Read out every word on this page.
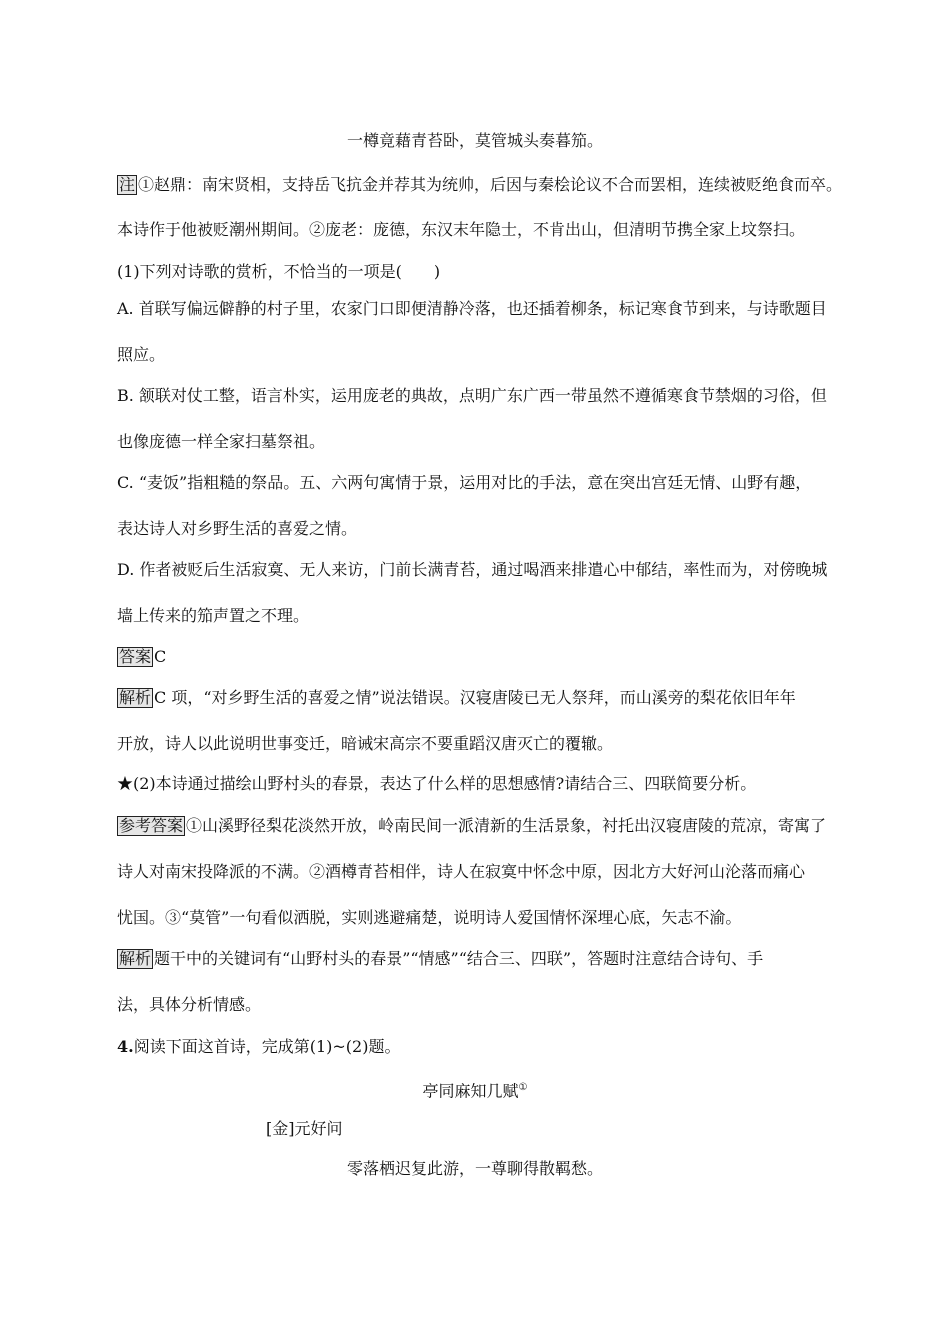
一樽竟藉青苔卧，莫管城头奏暮笳。
注 ①赵鼎：南宋贤相，支持岳飞抗金并荐其为统帅，后因与秦桧论议不合而罢相，连续被贬绝食而卒。
本诗作于他被贬潮州期间。②庞老：庞德，东汉末年隐士，不肯出山，但清明节携全家上坟祭扫。
(1)下列对诗歌的赏析，不恰当的一项是(　　)
A. 首联写偏远僻静的村子里，农家门口即便清静冷落，也还插着柳条，标记寒食节到来，与诗歌题目
照应。
B. 颔联对仗工整，语言朴实，运用庞老的典故，点明广东广西一带虽然不遵循寒食节禁烟的习俗，但
也像庞德一样全家扫墓祭祖。
C. “麦饭”指粗糙的祭品。五、六两句寓情于景，运用对比的手法，意在突出宫廷无情、山野有趣，
表达诗人对乡野生活的喜爱之情。
D. 作者被贬后生活寂寞、无人来访，门前长满青苔，通过喝酒来排遣心中郁结，率性而为，对傍晚城
墙上传来的笳声置之不理。
答案 C
解析 C 项，“对乡野生活的喜爱之情”说法错误。汉寝唐陵已无人祭拜，而山溪旁的梨花依旧年年
开放，诗人以此说明世事变迁，暗诫宋高宗不要重蹈汉唐灭亡的覆辙。
★(2)本诗通过描绘山野村头的春景，表达了什么样的思想感情?请结合三、四联简要分析。
参考答案 ①山溪野径梨花淡然开放，岭南民间一派清新的生活景象，衬托出汉寝唐陵的荒凉，寄寓了
诗人对南宋投降派的不满。②酒樽青苔相伴，诗人在寂寞中怀念中原，因北方大好河山沦落而痛心
忧国。③“莫管”一句看似洒脱，实则逃避痛楚，说明诗人爱国情怀深埋心底，矢志不渝。
解析 题干中的关键词有“山野村头的春景”“情感”“结合三、四联”，答题时注意结合诗句、手
法，具体分析情感。
4.阅读下面这首诗，完成第(1)~(2)题。
亭同麻知几赋①
[金]元好问
零落栖迟复此游，一尊聊得散羁愁。
